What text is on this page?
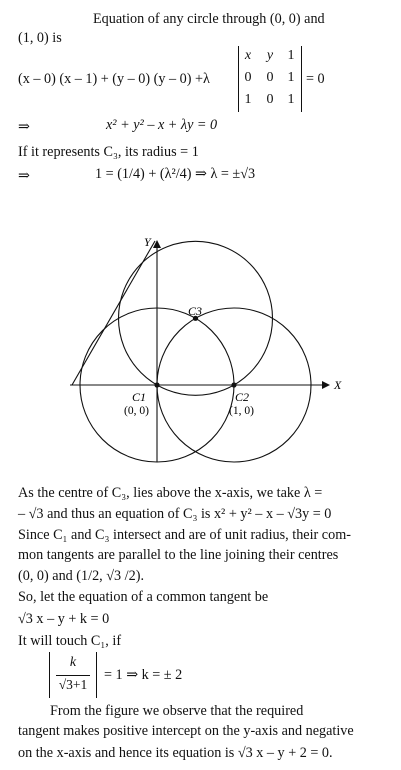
Equation of any circle through (0, 0) and
(1, 0) is
(x – 0) (x – 1) + (y – 0) (y – 0) +λ
x y 1
0 0 1
1 0 1
= 0
⇒	x² + y² – x + λy = 0
If it represents C₃, its radius = 1
⇒	1 = (1/4) + (λ²/4) ⇒ λ = ±√3
Y
X
C3
C1
(0, 0)
C2
(1, 0)
As the centre of C₃, lies above the x-axis, we take λ =
– √3 and thus an equation of C₃ is x² + y² – x – √3y = 0
Since C₁ and C₃ intersect and are of unit radius, their com-
mon tangents are parallel to the line joining their centres
(0, 0) and (1/2, √3 /2).
So, let the equation of a common tangent be
√3 x – y + k = 0
It will touch C₁, if
k
√3+1
= 1 ⇒ k = ± 2
From the figure we observe that the required
tangent makes positive intercept on the y-axis and negative
on the x-axis and hence its equation is √3 x – y + 2 = 0.
